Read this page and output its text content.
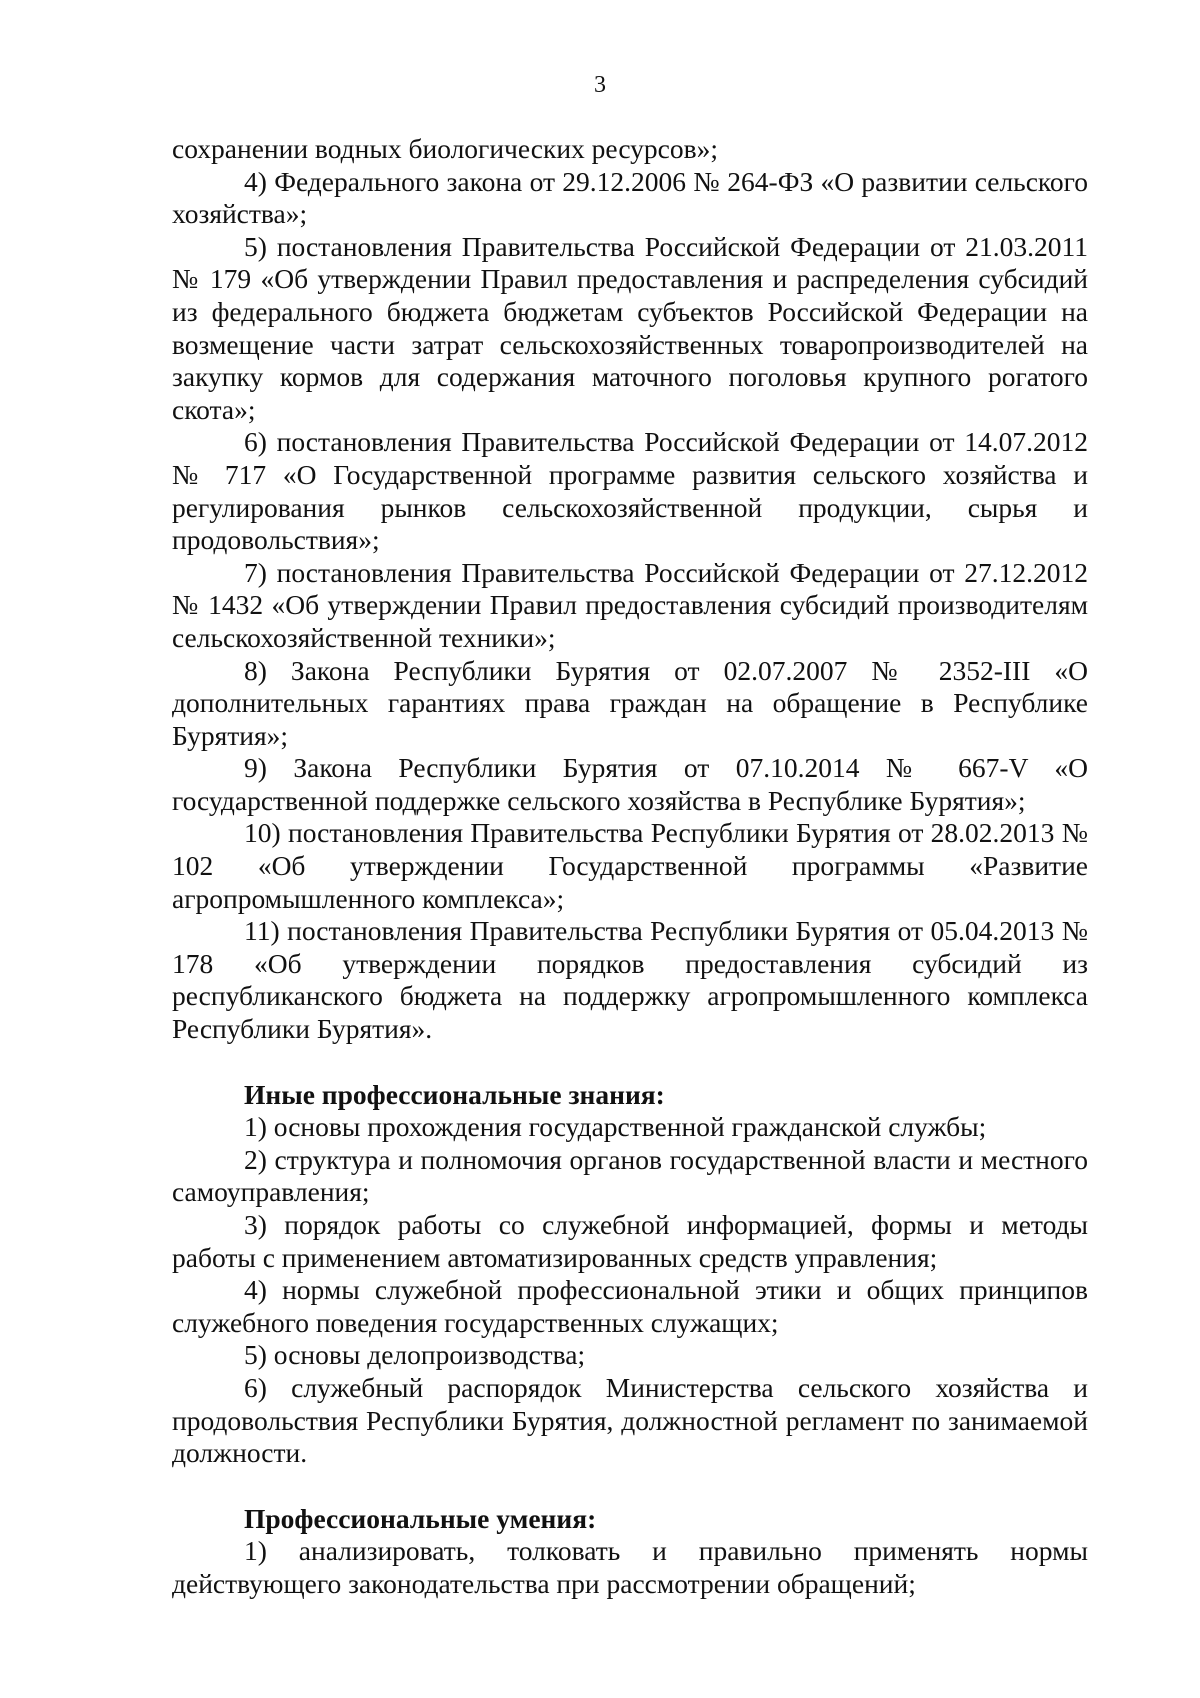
3

сохранении водных биологических ресурсов»;

4) Федерального закона от 29.12.2006 № 264-ФЗ «О развитии сельского хозяйства»;

5) постановления Правительства Российской Федерации от 21.03.2011 № 179 «Об утверждении Правил предоставления и распределения субсидий из федерального бюджета бюджетам субъектов Российской Федерации на возмещение части затрат сельскохозяйственных товаропроизводителей на закупку кормов для содержания маточного поголовья крупного рогатого скота»;

6) постановления Правительства Российской Федерации от 14.07.2012 № 717 «О Государственной программе развития сельского хозяйства и регулирования рынков сельскохозяйственной продукции, сырья и продовольствия»;

7) постановления Правительства Российской Федерации от 27.12.2012 № 1432 «Об утверждении Правил предоставления субсидий производителям сельскохозяйственной техники»;

8) Закона Республики Бурятия от 02.07.2007 № 2352-III «О дополнительных гарантиях права граждан на обращение в Республике Бурятия»;

9) Закона Республики Бурятия от 07.10.2014 № 667-V «О государственной поддержке сельского хозяйства в Республике Бурятия»;

10) постановления Правительства Республики Бурятия от 28.02.2013 № 102 «Об утверждении Государственной программы «Развитие агропромышленного комплекса»;

11) постановления Правительства Республики Бурятия от 05.04.2013 № 178 «Об утверждении порядков предоставления субсидий из республиканского бюджета на поддержку агропромышленного комплекса Республики Бурятия».

Иные профессиональные знания:

1) основы прохождения государственной гражданской службы;

2) структура и полномочия органов государственной власти и местного самоуправления;

3) порядок работы со служебной информацией, формы и методы работы с применением автоматизированных средств управления;

4) нормы служебной профессиональной этики и общих принципов служебного поведения государственных служащих;

5) основы делопроизводства;

6) служебный распорядок Министерства сельского хозяйства и продовольствия Республики Бурятия, должностной регламент по занимаемой должности.

Профессиональные умения:

1) анализировать, толковать и правильно применять нормы действующего законодательства при рассмотрении обращений;
